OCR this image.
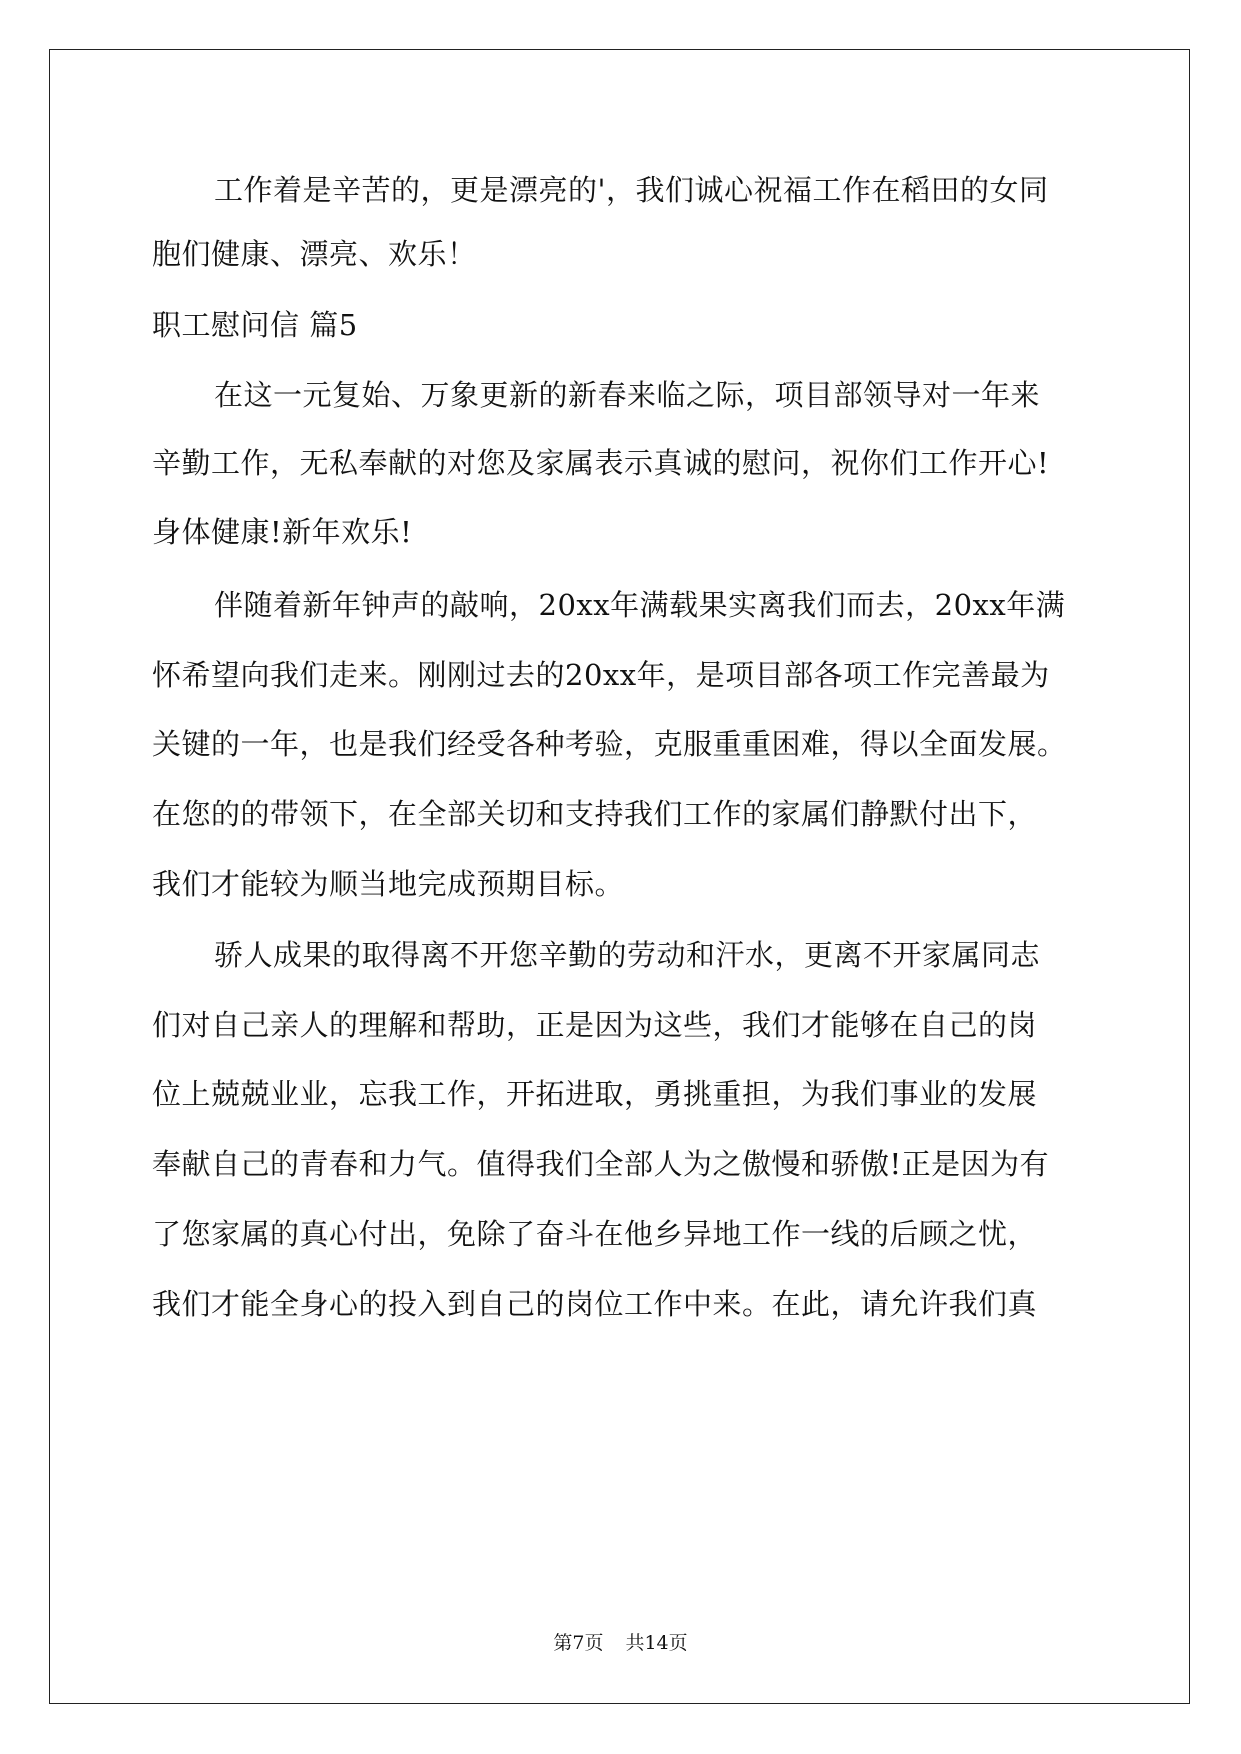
工作着是辛苦的，更是漂亮的'，我们诚心祝福工作在稻田的女同
胞们健康、漂亮、欢乐！
职工慰问信 篇5
在这一元复始、万象更新的新春来临之际，项目部领导对一年来
辛勤工作，无私奉献的对您及家属表示真诚的慰问，祝你们工作开心!
身体健康!新年欢乐!
伴随着新年钟声的敲响，20xx年满载果实离我们而去，20xx年满
怀希望向我们走来。刚刚过去的20xx年，是项目部各项工作完善最为
关键的一年，也是我们经受各种考验，克服重重困难，得以全面发展。
在您的的带领下，在全部关切和支持我们工作的家属们静默付出下，
我们才能较为顺当地完成预期目标。
骄人成果的取得离不开您辛勤的劳动和汗水，更离不开家属同志
们对自己亲人的理解和帮助，正是因为这些，我们才能够在自己的岗
位上兢兢业业，忘我工作，开拓进取，勇挑重担，为我们事业的发展
奉献自己的青春和力气。值得我们全部人为之傲慢和骄傲!正是因为有
了您家属的真心付出，免除了奋斗在他乡异地工作一线的后顾之忧，
我们才能全身心的投入到自己的岗位工作中来。在此，请允许我们真
第7页 共14页
